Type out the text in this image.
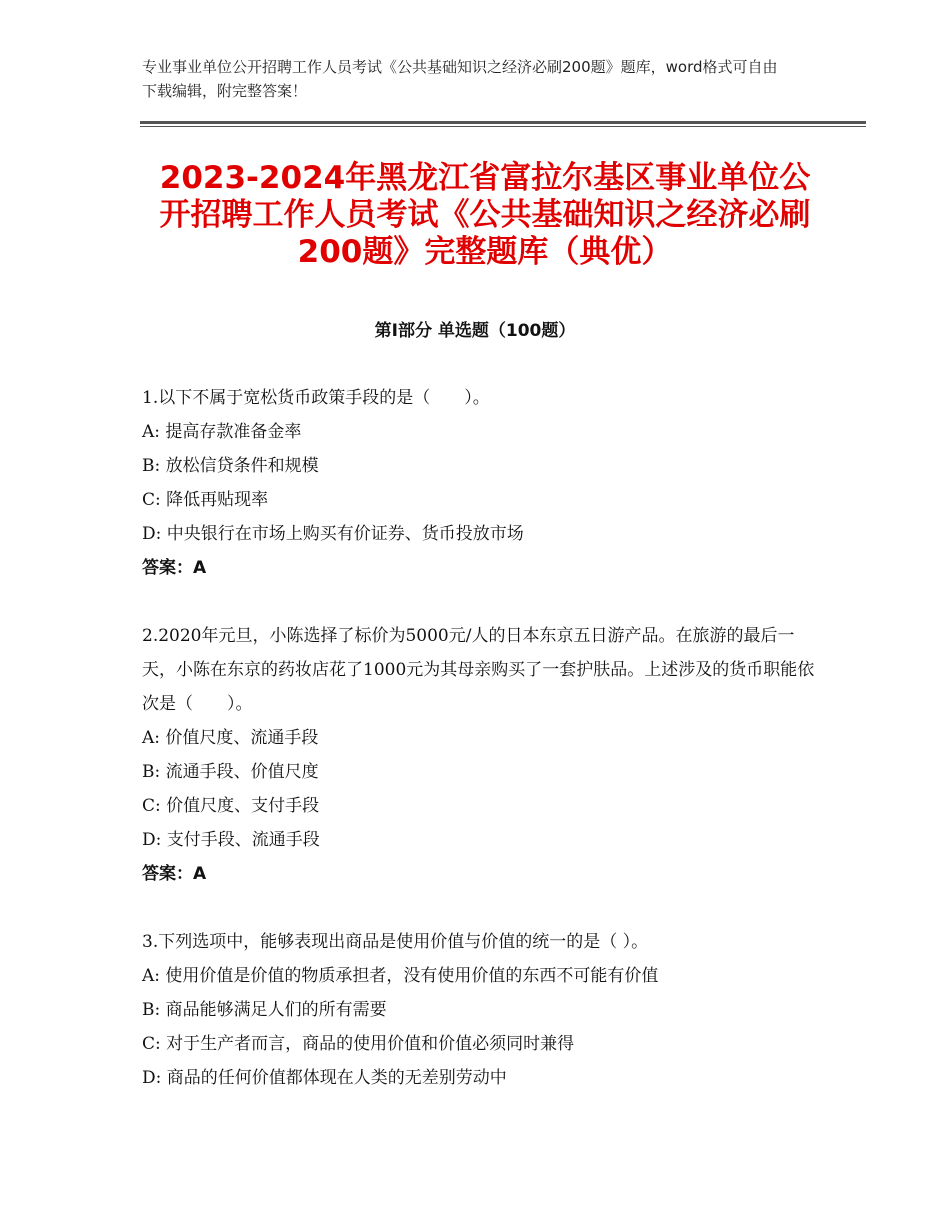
专业事业单位公开招聘工作人员考试《公共基础知识之经济必刷200题》题库，word格式可自由下载编辑，附完整答案！
2023-2024年黑龙江省富拉尔基区事业单位公开招聘工作人员考试《公共基础知识之经济必刷200题》完整题库（典优）
第Ⅰ部分 单选题（100题）
1.以下不属于宽松货币政策手段的是（　　）。
A: 提高存款准备金率
B: 放松信贷条件和规模
C: 降低再贴现率
D: 中央银行在市场上购买有价证券、货币投放市场
答案：A
2.2020年元旦，小陈选择了标价为5000元/人的日本东京五日游产品。在旅游的最后一天，小陈在东京的药妆店花了1000元为其母亲购买了一套护肤品。上述涉及的货币职能依次是（　　）。
A: 价值尺度、流通手段
B: 流通手段、价值尺度
C: 价值尺度、支付手段
D: 支付手段、流通手段
答案：A
3.下列选项中，能够表现出商品是使用价值与价值的统一的是（ ）。
A: 使用价值是价值的物质承担者，没有使用价值的东西不可能有价值
B: 商品能够满足人们的所有需要
C: 对于生产者而言，商品的使用价值和价值必须同时兼得
D: 商品的任何价值都体现在人类的无差别劳动中
